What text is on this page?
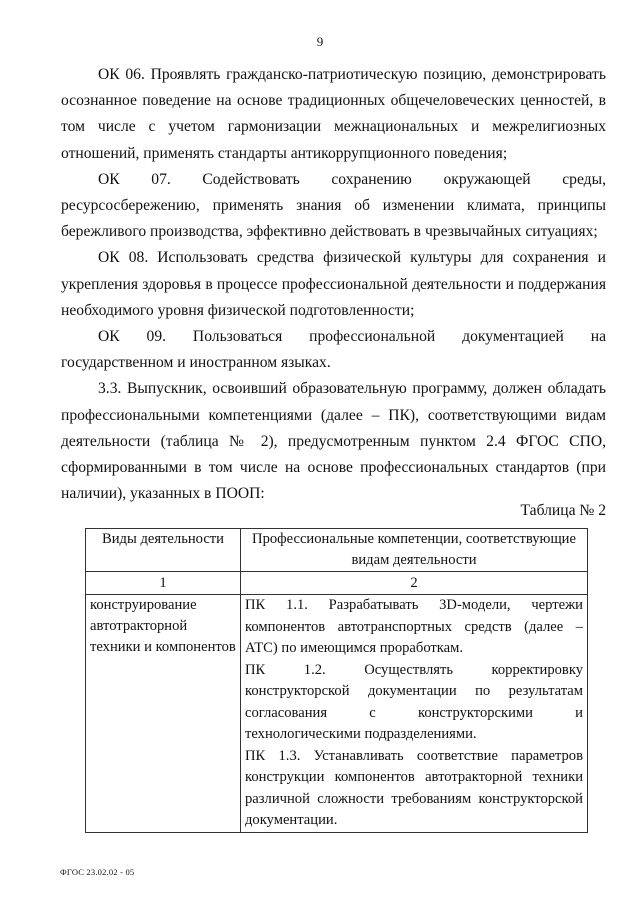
9

ОК 06. Проявлять гражданско-патриотическую позицию, демонстрировать осознанное поведение на основе традиционных общечеловеческих ценностей, в том числе с учетом гармонизации межнациональных и межрелигиозных отношений, применять стандарты антикоррупционного поведения;

ОК 07. Содействовать сохранению окружающей среды, ресурсосбережению, применять знания об изменении климата, принципы бережливого производства, эффективно действовать в чрезвычайных ситуациях;

ОК 08. Использовать средства физической культуры для сохранения и укрепления здоровья в процессе профессиональной деятельности и поддержания необходимого уровня физической подготовленности;

ОК 09. Пользоваться профессиональной документацией на государственном и иностранном языках.

3.3. Выпускник, освоивший образовательную программу, должен обладать профессиональными компетенциями (далее – ПК), соответствующими видам деятельности (таблица № 2), предусмотренным пунктом 2.4 ФГОС СПО, сформированными в том числе на основе профессиональных стандартов (при наличии), указанных в ПООП:

Таблица № 2
Виды деятельности	Профессиональные компетенции, соответствующие видам деятельности
1	2
конструирование автотракторной техники и компонентов	ПК 1.1. Разрабатывать 3D-модели, чертежи компонентов автотранспортных средств (далее – АТС) по имеющимся проработкам.

ПК 1.2. Осуществлять корректировку конструкторской документации по результатам согласования с конструкторскими и технологическими подразделениями.

ПК 1.3. Устанавливать соответствие параметров конструкции компонентов автотракторной техники различной сложности требованиям конструкторской документации.

ФГОС 23.02.02 - 05
